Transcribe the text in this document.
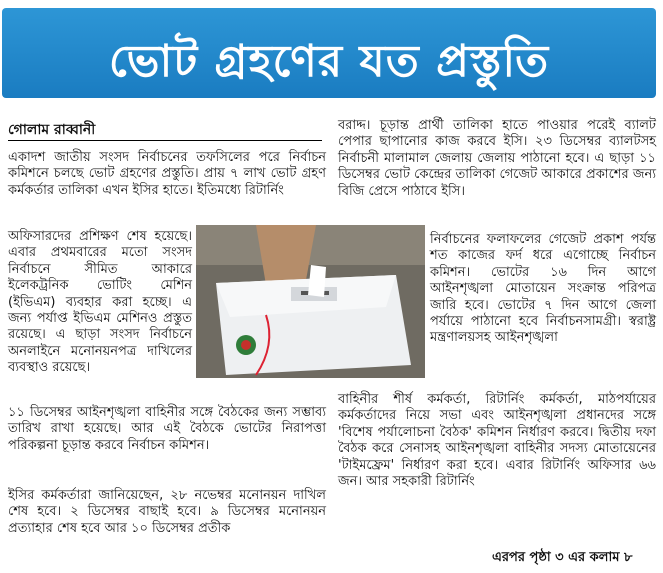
ভোট গ্রহণের যত প্রস্তুতি
গোলাম রাব্বানী

একাদশ জাতীয় সংসদ নির্বাচনের তফসিলের পরে নির্বাচন কমিশনে চলছে ভোট গ্রহণের প্রস্তুতি। প্রায় ৭ লাখ ভোট গ্রহণ কর্মকর্তার তালিকা এখন ইসির হাতে। ইতিমধ্যে রিটার্নিং

অফিসারদের প্রশিক্ষণ শেষ হয়েছে। এবার প্রথমবারের মতো সংসদ নির্বাচনে সীমিত আকারে ইলেকট্রনিক ভোটিং মেশিন (ইভিএম) ব্যবহার করা হচ্ছে। এ জন্য পর্যাপ্ত ইভিএম মেশিনও প্রস্তুত রয়েছে। এ ছাড়া সংসদ নির্বাচনে অনলাইনে মনোনয়নপত্র দাখিলের ব্যবস্থাও রয়েছে।

১১ ডিসেম্বর আইনশৃঙ্খলা বাহিনীর সঙ্গে বৈঠকের জন্য সম্ভাব্য তারিখ রাখা হয়েছে। আর এই বৈঠকে ভোটের নিরাপত্তা পরিকল্পনা চূড়ান্ত করবে নির্বাচন কমিশন।

ইসির কর্মকর্তারা জানিয়েছেন, ২৮ নভেম্বর মনোনয়ন দাখিল শেষ হবে। ২ ডিসেম্বর বাছাই হবে। ৯ ডিসেম্বর মনোনয়ন প্রত্যাহার শেষ হবে আর ১০ ডিসেম্বর প্রতীক

বরাদ্দ। চূড়ান্ত প্রার্থী তালিকা হাতে পাওয়ার পরেই ব্যালট পেপার ছাপানোর কাজ করবে ইসি। ২৩ ডিসেম্বর ব্যালটসহ নির্বাচনী মালামাল জেলায় জেলায় পাঠানো হবে। এ ছাড়া ১১ ডিসেম্বর ভোট কেন্দ্রের তালিকা গেজেট আকারে প্রকাশের জন্য বিজি প্রেসে পাঠাবে ইসি।

নির্বাচনের ফলাফলের গেজেট প্রকাশ পর্যন্ত শত কাজের ফর্দ ধরে এগোচ্ছে নির্বাচন কমিশন। ভোটের ১৬ দিন আগে আইনশৃঙ্খলা মোতায়েন সংক্রান্ত পরিপত্র জারি হবে। ভোটের ৭ দিন আগে জেলা পর্যায়ে পাঠানো হবে নির্বাচনসামগ্রী। স্বরাষ্ট্র মন্ত্রণালয়সহ আইনশৃঙ্খলা

বাহিনীর শীর্ষ কর্মকর্তা, রিটার্নিং কর্মকর্তা, মাঠপর্যায়ের কর্মকর্তাদের নিয়ে সভা এবং আইনশৃঙ্খলা প্রধানদের সঙ্গে 'বিশেষ পর্যালোচনা বৈঠক' কমিশন নির্ধারণ করবে। দ্বিতীয় দফা বৈঠক করে সেনাসহ আইনশৃঙ্খলা বাহিনীর সদস্য মোতায়েনের 'টাইমফ্রেম' নির্ধারণ করা হবে। এবার রিটার্নিং অফিসার ৬৬ জন। আর সহকারী রিটার্নিং

এরপর পৃষ্ঠা ৩ এর কলাম ৮
